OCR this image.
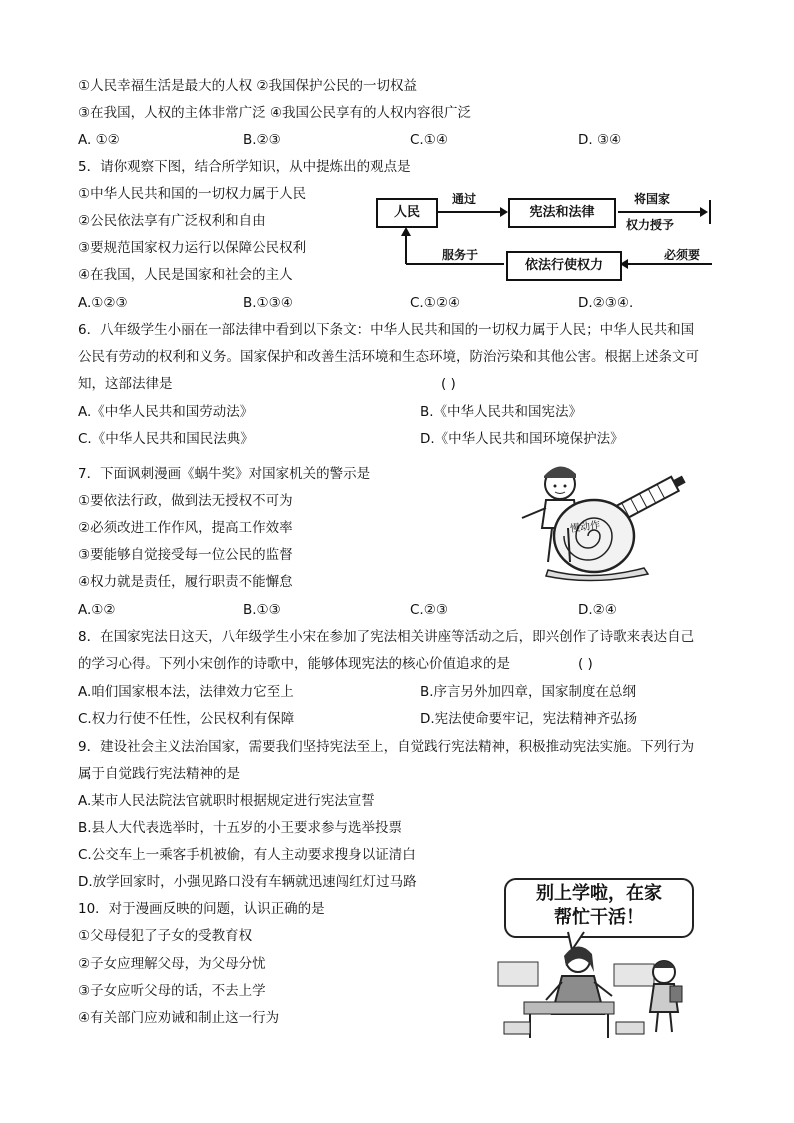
①人民幸福生活是最大的人权 ②我国保护公民的一切权益
③在我国，人权的主体非常广泛 ④我国公民享有的人权内容很广泛
A. ①②	B.②③	C.①④	D. ③④
5．请你观察下图，结合所学知识，从中提炼出的观点是
①中华人民共和国的一切权力属于人民
②公民依法享有广泛权利和自由
③要规范国家权力运行以保障公民权利
④在我国，人民是国家和社会的主人
人民
通过
宪法和法律
将国家
权力授予
服务于
依法行使权力
必须要
A.①②③	B.①③④	C.①②④	D.②③④.
6．八年级学生小丽在一部法律中看到以下条文：中华人民共和国的一切权力属于人民；中华人民共和国
公民有劳动的权利和义务。国家保护和改善生活环境和生态环境，防治污染和其他公害。根据上述条文可
知，这部法律是	( )
A.《中华人民共和国劳动法》	B.《中华人民共和国宪法》
C.《中华人民共和国民法典》	D.《中华人民共和国环境保护法》
7．下面讽刺漫画《蜗牛奖》对国家机关的警示是
①要依法行政，做到法无授权不可为
②必须改进工作作风，提高工作效率
③要能够自觉接受每一位公民的监督
④权力就是责任，履行职责不能懈怠
慢动作
A.①②	B.①③	C.②③	D.②④
8．在国家宪法日这天，八年级学生小宋在参加了宪法相关讲座等活动之后，即兴创作了诗歌来表达自己
的学习心得。下列小宋创作的诗歌中，能够体现宪法的核心价值追求的是	( )
A.咱们国家根本法，法律效力它至上	B.序言另外加四章，国家制度在总纲
C.权力行使不任性，公民权利有保障	D.宪法使命要牢记，宪法精神齐弘扬
9．建设社会主义法治国家，需要我们坚持宪法至上，自觉践行宪法精神，积极推动宪法实施。下列行为
属于自觉践行宪法精神的是
A.某市人民法院法官就职时根据规定进行宪法宣誓
B.县人大代表选举时，十五岁的小王要求参与选举投票
C.公交车上一乘客手机被偷，有人主动要求搜身以证清白
D.放学回家时，小强见路口没有车辆就迅速闯红灯过马路
10．对于漫画反映的问题，认识正确的是
①父母侵犯了子女的受教育权
②子女应理解父母，为父母分忧
③子女应听父母的话，不去上学
④有关部门应劝诫和制止这一行为
别上学啦，在家
帮忙干活！
